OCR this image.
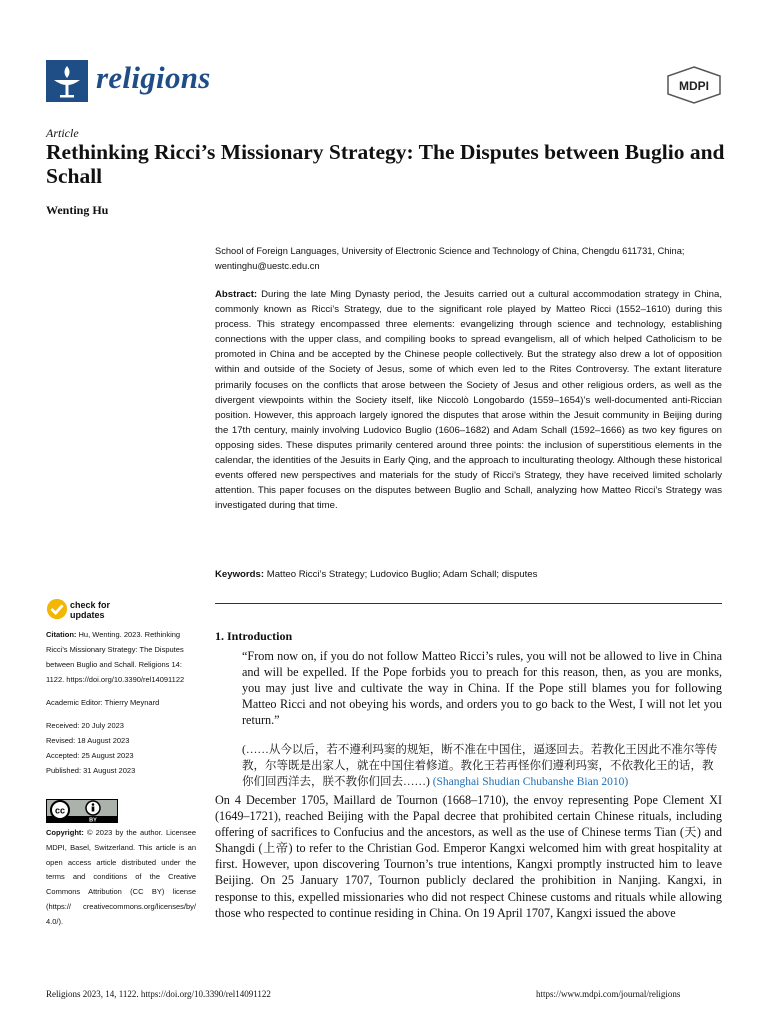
religions	MDPI
Article
Rethinking Ricci’s Missionary Strategy: The Disputes between Buglio and Schall
Wenting Hu
School of Foreign Languages, University of Electronic Science and Technology of China, Chengdu 611731, China;
wentinghu@uestc.edu.cn
Abstract: During the late Ming Dynasty period, the Jesuits carried out a cultural accommodation strategy in China, commonly known as Ricci’s Strategy, due to the significant role played by Matteo Ricci (1552–1610) during this process. This strategy encompassed three elements: evangelizing through science and technology, establishing connections with the upper class, and compiling books to spread evangelism, all of which helped Catholicism to be promoted in China and be accepted by the Chinese people collectively. But the strategy also drew a lot of opposition within and outside of the Society of Jesus, some of which even led to the Rites Controversy. The extant literature primarily focuses on the conflicts that arose between the Society of Jesus and other religious orders, as well as the divergent viewpoints within the Society itself, like Niccolò Longobardo (1559–1654)’s well-documented anti-Riccian position. However, this approach largely ignored the disputes that arose within the Jesuit community in Beijing during the 17th century, mainly involving Ludovico Buglio (1606–1682) and Adam Schall (1592–1666) as two key figures on opposing sides. These disputes primarily centered around three points: the inclusion of superstitious elements in the calendar, the identities of the Jesuits in Early Qing, and the approach to inculturating theology. Although these historical events offered new perspectives and materials for the study of Ricci’s Strategy, they have received limited scholarly attention. This paper focuses on the disputes between Buglio and Schall, analyzing how Matteo Ricci’s Strategy was investigated during that time.
Keywords: Matteo Ricci’s Strategy; Ludovico Buglio; Adam Schall; disputes
check for
updates

Citation: Hu, Wenting. 2023. Rethinking Ricci’s Missionary Strategy: The Disputes between Buglio and Schall. Religions 14: 1122. https://doi.org/10.3390/rel14091122

Academic Editor: Thierry Meynard

Received: 20 July 2023

Revised: 18 August 2023

Accepted: 25 August 2023

Published: 31 August 2023

cc
BY
Copyright: © 2023 by the author. Licensee MDPI, Basel, Switzerland. This article is an open access article distributed under the terms and conditions of the Creative Commons Attribution (CC BY) license (https:// creativecommons.org/licenses/by/ 4.0/).
1. Introduction
“From now on, if you do not follow Matteo Ricci’s rules, you will not be allowed to live in China and will be expelled. If the Pope forbids you to preach for this reason, then, as you are monks, you may just live and cultivate the way in China. If the Pope still blames you for following Matteo Ricci and not obeying his words, and orders you to go back to the West, I will not let you return.”
(……从今以后，若不遵利玛窦的规矩，断不准在中国住，逼逐回去。若教化王因此不准尔等传教，尔等既是出家人，就在中国住着修道。教化王若再怪你们遵利玛窦，不依教化王的话，教你们回西洋去，朕不教你们回去……) (Shanghai Shudian Chubanshe Bian 2010)
On 4 December 1705, Maillard de Tournon (1668–1710), the envoy representing Pope Clement XI (1649–1721), reached Beijing with the Papal decree that prohibited certain Chinese rituals, including offering of sacrifices to Confucius and the ancestors, as well as the use of Chinese terms Tian (天) and Shangdi (上帝) to refer to the Christian God. Emperor Kangxi welcomed him with great hospitality at first. However, upon discovering Tournon’s true intentions, Kangxi promptly instructed him to leave Beijing. On 25 January 1707, Tournon publicly declared the prohibition in Nanjing. Kangxi, in response to this, expelled missionaries who did not respect Chinese customs and rituals while allowing those who respected to continue residing in China. On 19 April 1707, Kangxi issued the above
Religions 2023, 14, 1122. https://doi.org/10.3390/rel14091122	https://www.mdpi.com/journal/religions
